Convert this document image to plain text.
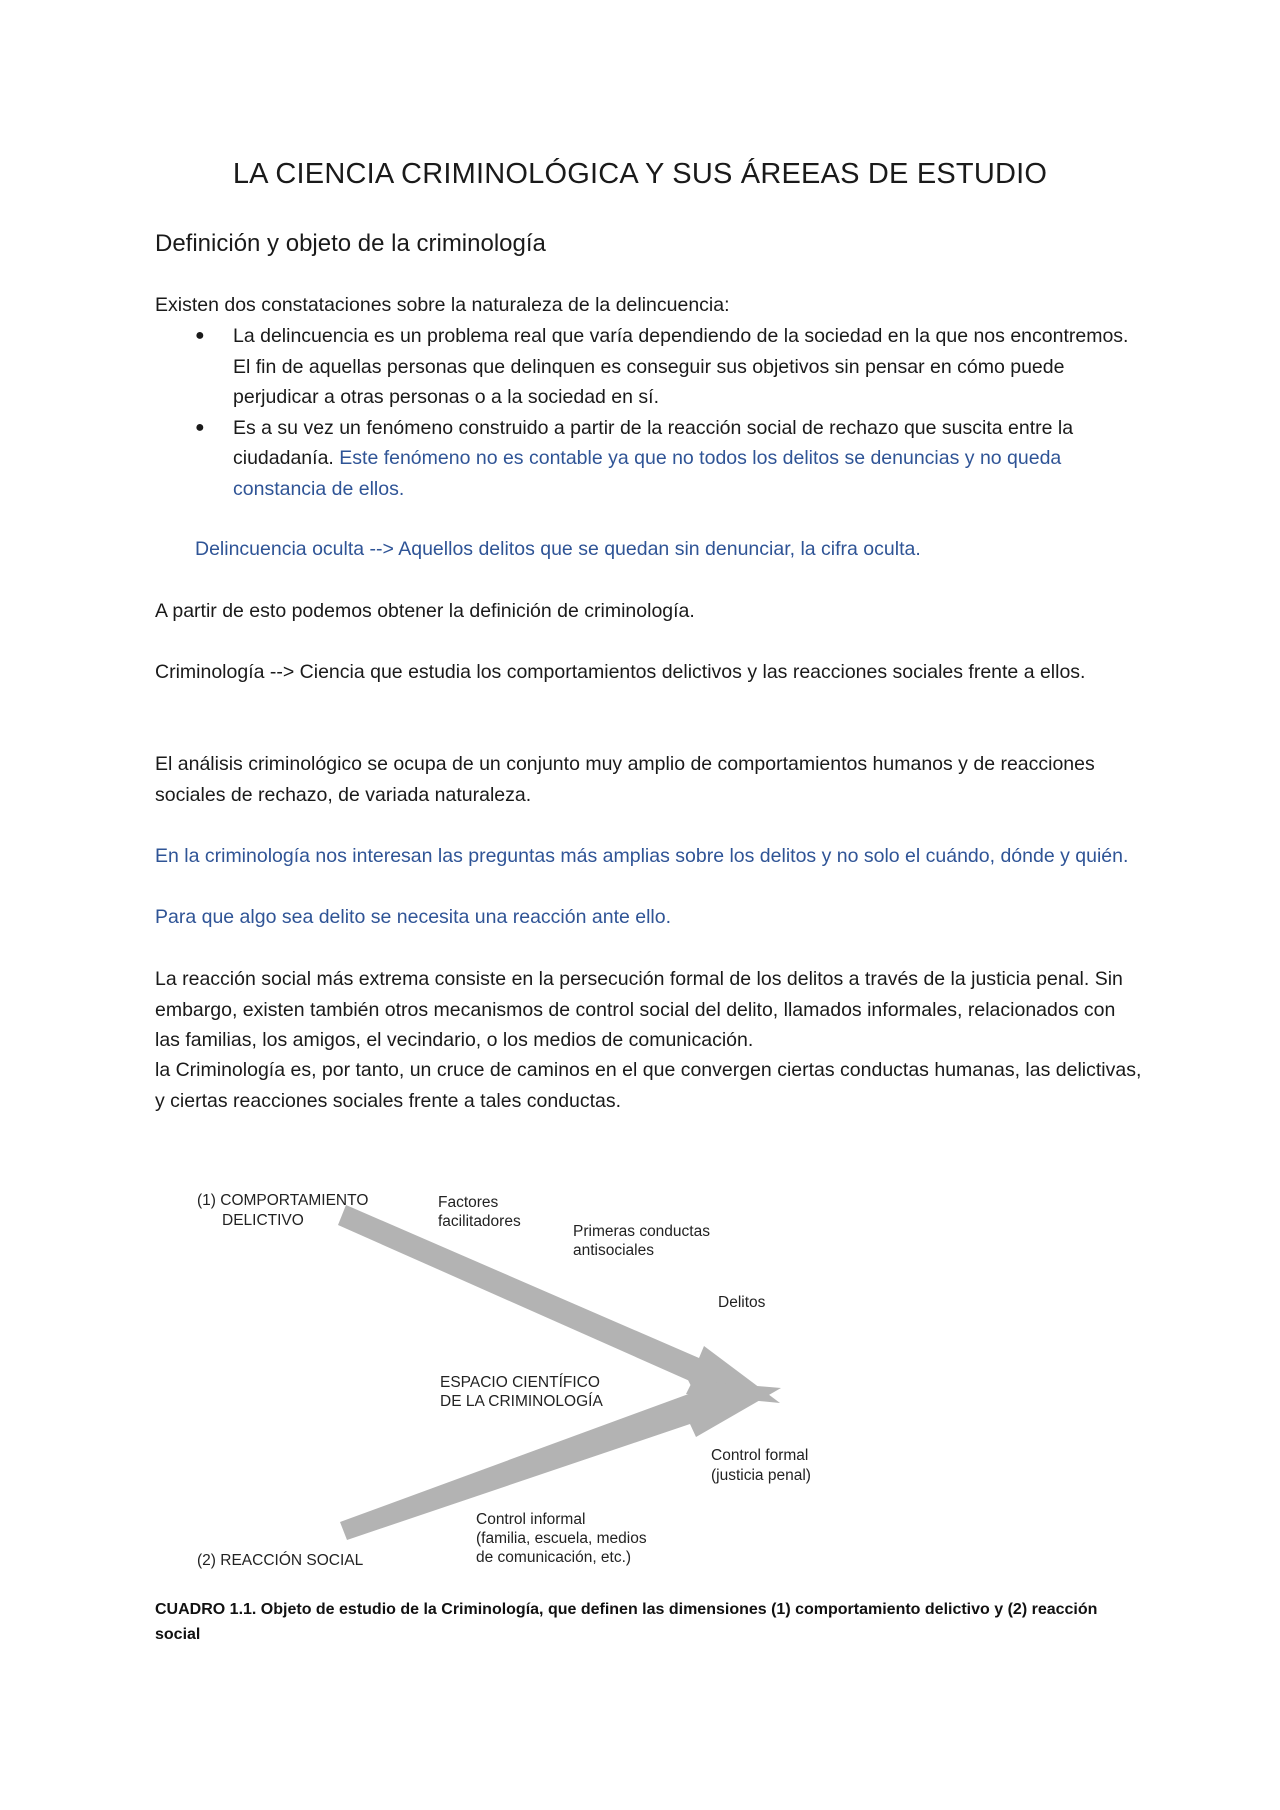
LA CIENCIA CRIMINOLÓGICA Y SUS ÁREEAS DE ESTUDIO
Definición y objeto de la criminología
Existen dos constataciones sobre la naturaleza de la delincuencia:
● La delincuencia es un problema real que varía dependiendo de la sociedad en la que nos encontremos. El fin de aquellas personas que delinquen es conseguir sus objetivos sin pensar en cómo puede perjudicar a otras personas o a la sociedad en sí.
● Es a su vez un fenómeno construido a partir de la reacción social de rechazo que suscita entre la ciudadanía. Este fenómeno no es contable ya que no todos los delitos se denuncias y no queda constancia de ellos.
Delincuencia oculta --> Aquellos delitos que se quedan sin denunciar, la cifra oculta.
A partir de esto podemos obtener la definición de criminología.
Criminología --> Ciencia que estudia los comportamientos delictivos y las reacciones sociales frente a ellos.
El análisis criminológico se ocupa de un conjunto muy amplio de comportamientos humanos y de reacciones sociales de rechazo, de variada naturaleza.
En la criminología nos interesan las preguntas más amplias sobre los delitos y no solo el cuándo, dónde y quién.
Para que algo sea delito se necesita una reacción ante ello.
La reacción social más extrema consiste en la persecución formal de los delitos a través de la justicia penal. Sin embargo, existen también otros mecanismos de control social del delito, llamados informales, relacionados con las familias, los amigos, el vecindario, o los medios de comunicación.
la Criminología es, por tanto, un cruce de caminos en el que convergen ciertas conductas humanas, las delictivas, y ciertas reacciones sociales frente a tales conductas.
(1) COMPORTAMIENTO
DELICTIVO
Factores
facilitadores
Primeras conductas
antisociales
Delitos
ESPACIO CIENTÍFICO
DE LA CRIMINOLOGÍA
Control formal
(justicia penal)
Control informal
(familia, escuela, medios
de comunicación, etc.)
(2) REACCIÓN SOCIAL
CUADRO 1.1. Objeto de estudio de la Criminología, que definen las dimensiones (1) comportamiento delictivo y (2) reacción social
